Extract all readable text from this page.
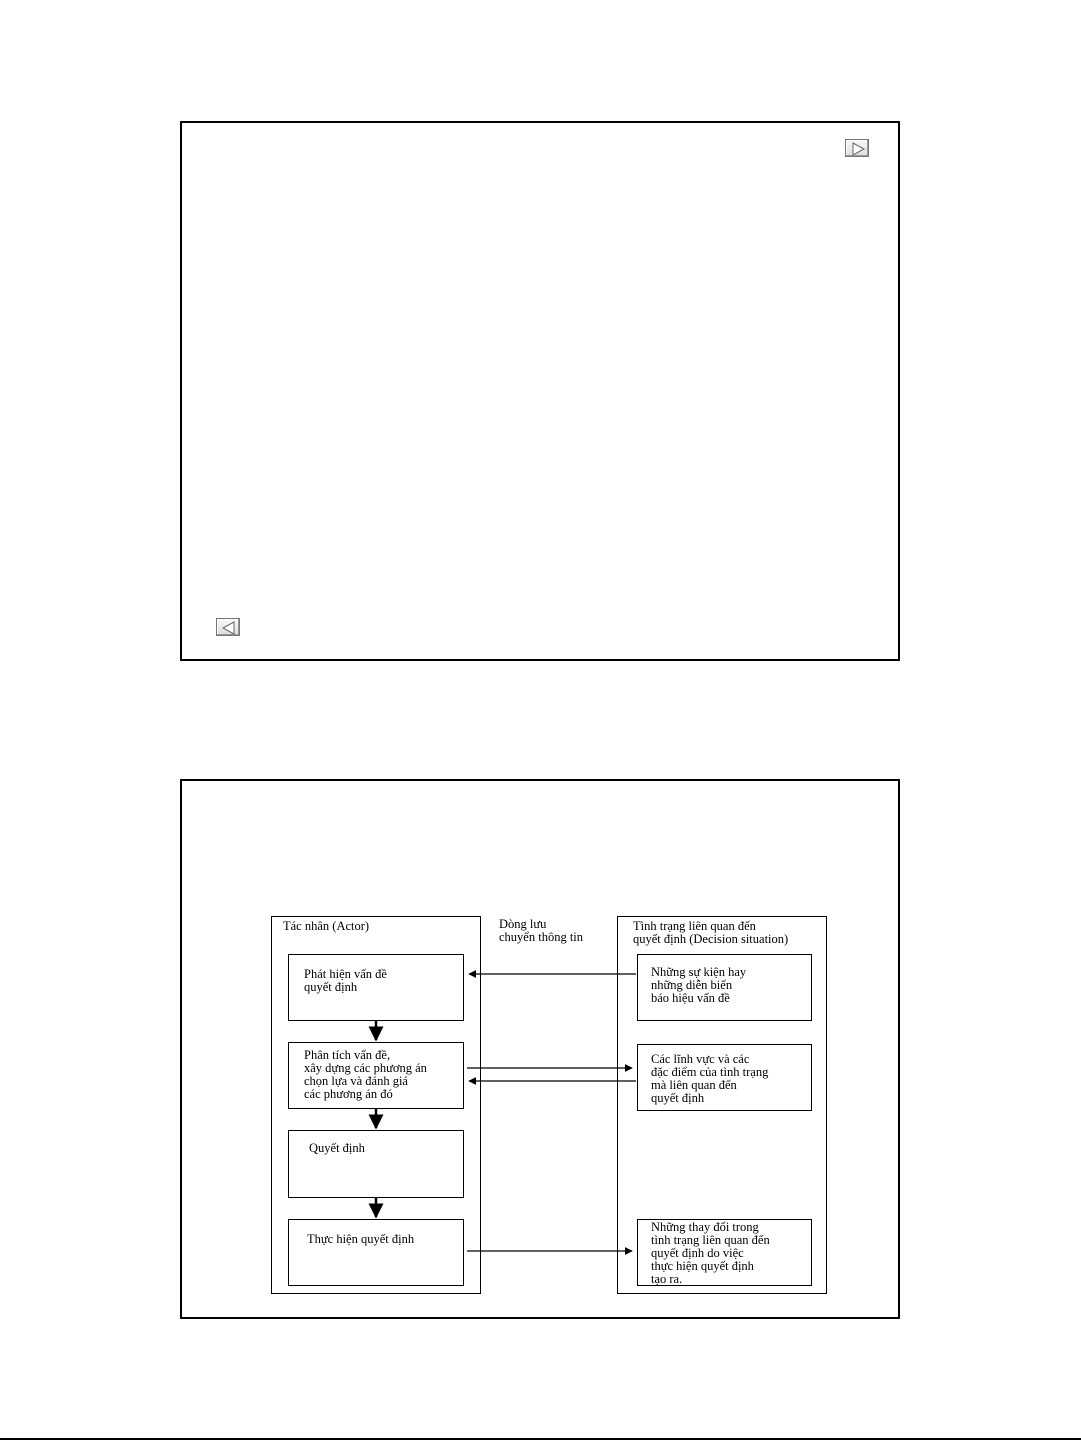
Tác nhân (Actor)	Dòng lưu
chuyển thông tin
Tình trạng liên quan đến
quyết định (Decision situation)
Phát hiện vấn đề
quyết định
Phân tích vấn đề,
xây dựng các phương án
chọn lựa và đánh giá
các phương án đó
Quyết định
Thực hiện quyết định
Những sự kiện hay
những diễn biến
báo hiệu vấn đề
Các lĩnh vực và các
đặc điểm của tình trạng
mà liên quan đến
quyết định
Những thay đổi trong
tình trạng liên quan đến
quyết định do việc
thực hiện quyết định
tạo ra.
